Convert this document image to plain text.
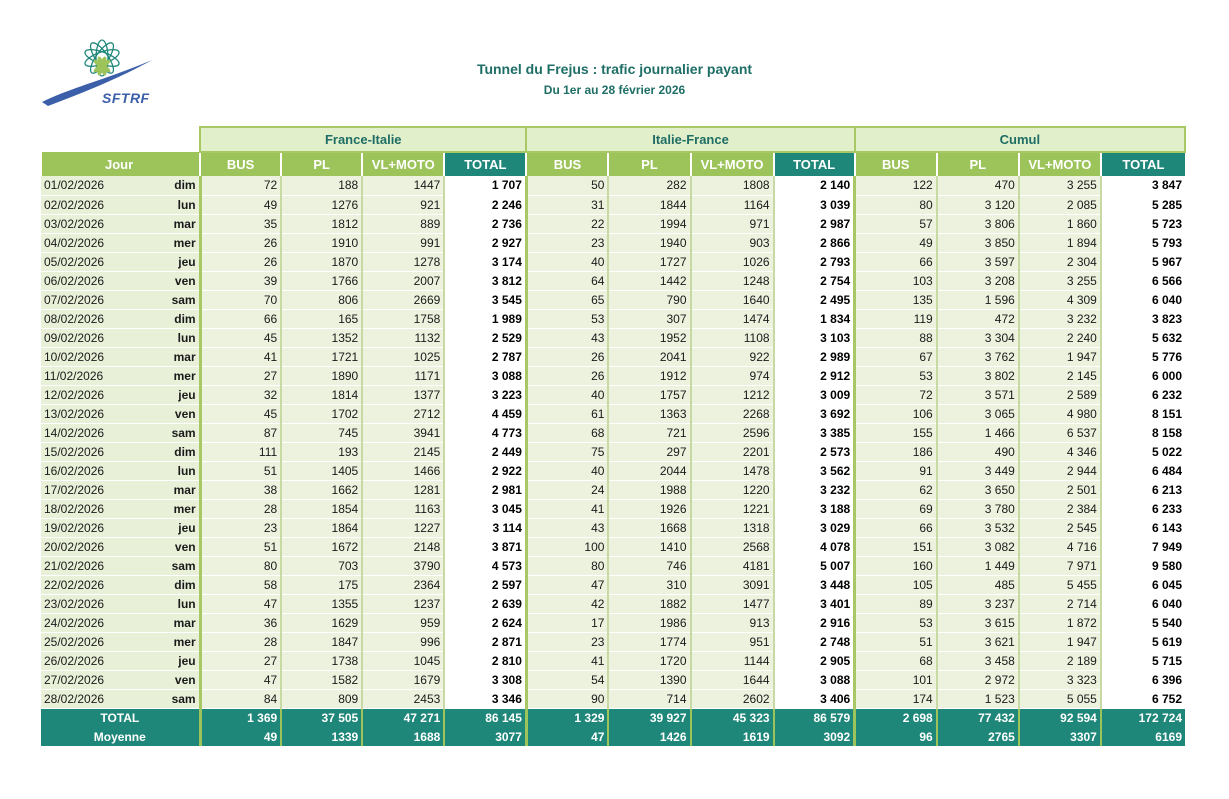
SFTRF
Tunnel du Frejus : trafic journalier payant
Du 1er au 28 février 2026
		France-Italie				Italie-France				Cumul			
Jour		BUS	PL	VL+MOTO	TOTAL	BUS	PL	VL+MOTO	TOTAL	BUS	PL	VL+MOTO	TOTAL
01/02/2026	dim	72	188	1447	1 707	50	282	1808	2 140	122	470	3 255	3 847
02/02/2026	lun	49	1276	921	2 246	31	1844	1164	3 039	80	3 120	2 085	5 285
03/02/2026	mar	35	1812	889	2 736	22	1994	971	2 987	57	3 806	1 860	5 723
04/02/2026	mer	26	1910	991	2 927	23	1940	903	2 866	49	3 850	1 894	5 793
05/02/2026	jeu	26	1870	1278	3 174	40	1727	1026	2 793	66	3 597	2 304	5 967
06/02/2026	ven	39	1766	2007	3 812	64	1442	1248	2 754	103	3 208	3 255	6 566
07/02/2026	sam	70	806	2669	3 545	65	790	1640	2 495	135	1 596	4 309	6 040
08/02/2026	dim	66	165	1758	1 989	53	307	1474	1 834	119	472	3 232	3 823
09/02/2026	lun	45	1352	1132	2 529	43	1952	1108	3 103	88	3 304	2 240	5 632
10/02/2026	mar	41	1721	1025	2 787	26	2041	922	2 989	67	3 762	1 947	5 776
11/02/2026	mer	27	1890	1171	3 088	26	1912	974	2 912	53	3 802	2 145	6 000
12/02/2026	jeu	32	1814	1377	3 223	40	1757	1212	3 009	72	3 571	2 589	6 232
13/02/2026	ven	45	1702	2712	4 459	61	1363	2268	3 692	106	3 065	4 980	8 151
14/02/2026	sam	87	745	3941	4 773	68	721	2596	3 385	155	1 466	6 537	8 158
15/02/2026	dim	111	193	2145	2 449	75	297	2201	2 573	186	490	4 346	5 022
16/02/2026	lun	51	1405	1466	2 922	40	2044	1478	3 562	91	3 449	2 944	6 484
17/02/2026	mar	38	1662	1281	2 981	24	1988	1220	3 232	62	3 650	2 501	6 213
18/02/2026	mer	28	1854	1163	3 045	41	1926	1221	3 188	69	3 780	2 384	6 233
19/02/2026	jeu	23	1864	1227	3 114	43	1668	1318	3 029	66	3 532	2 545	6 143
20/02/2026	ven	51	1672	2148	3 871	100	1410	2568	4 078	151	3 082	4 716	7 949
21/02/2026	sam	80	703	3790	4 573	80	746	4181	5 007	160	1 449	7 971	9 580
22/02/2026	dim	58	175	2364	2 597	47	310	3091	3 448	105	485	5 455	6 045
23/02/2026	lun	47	1355	1237	2 639	42	1882	1477	3 401	89	3 237	2 714	6 040
24/02/2026	mar	36	1629	959	2 624	17	1986	913	2 916	53	3 615	1 872	5 540
25/02/2026	mer	28	1847	996	2 871	23	1774	951	2 748	51	3 621	1 947	5 619
26/02/2026	jeu	27	1738	1045	2 810	41	1720	1144	2 905	68	3 458	2 189	5 715
27/02/2026	ven	47	1582	1679	3 308	54	1390	1644	3 088	101	2 972	3 323	6 396
28/02/2026	sam	84	809	2453	3 346	90	714	2602	3 406	174	1 523	5 055	6 752
TOTAL		1 369	37 505	47 271	86 145	1 329	39 927	45 323	86 579	2 698	77 432	92 594	172 724
Moyenne		49	1339	1688	3077	47	1426	1619	3092	96	2765	3307	6169
